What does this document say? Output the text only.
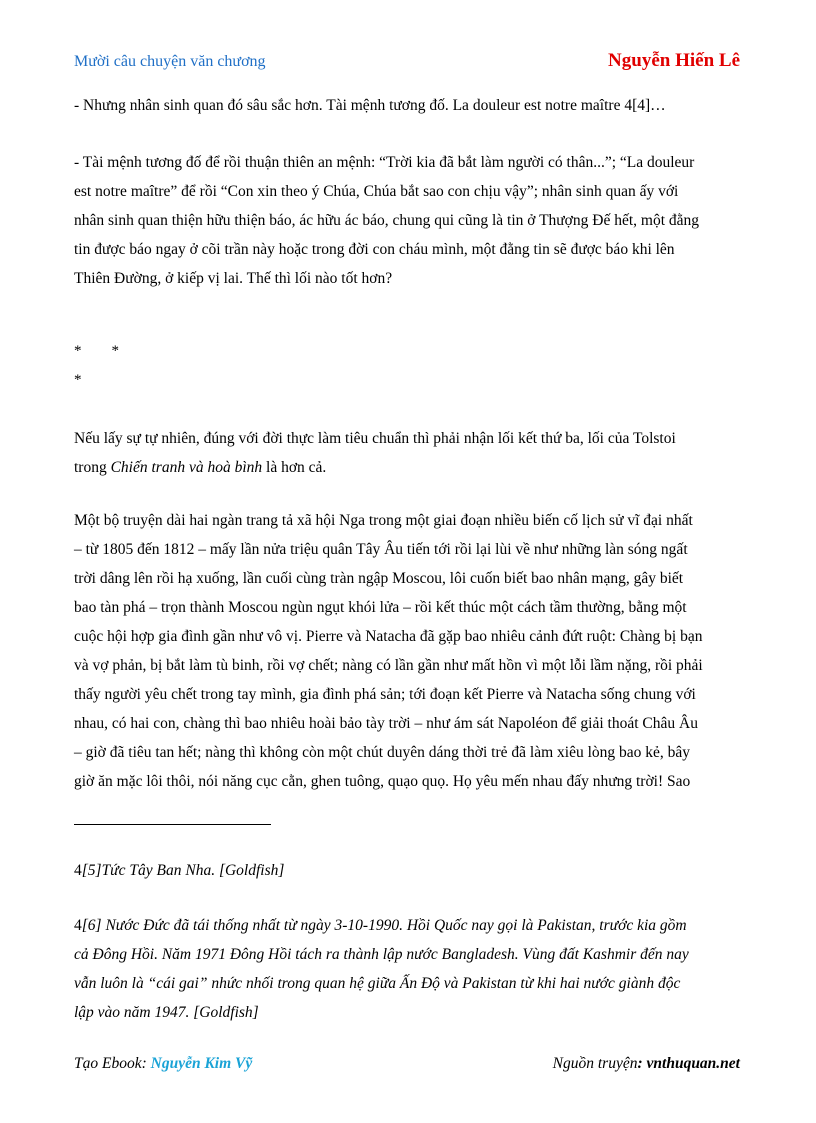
Mười câu chuyện văn chương	Nguyễn Hiến Lê

- Nhưng nhân sinh quan đó sâu sắc hơn. Tài mệnh tương đố. La douleur est notre maître 4[4]…

- Tài mệnh tương đố để rồi thuận thiên an mệnh: “Trời kia đã bắt làm người có thân...”; “La douleur
est notre maître” để rồi “Con xin theo ý Chúa, Chúa bắt sao con chịu vậy”; nhân sinh quan ấy với
nhân sinh quan thiện hữu thiện báo, ác hữu ác báo, chung qui cũng là tin ở Thượng Đế hết, một đằng
tin được báo ngay ở cõi trần này hoặc trong đời con cháu mình, một đằng tin sẽ được báo khi lên
Thiên Đường, ở kiếp vị lai. Thế thì lối nào tốt hơn?

*        *
*

Nếu lấy sự tự nhiên, đúng với đời thực làm tiêu chuẩn thì phải nhận lối kết thứ ba, lối của Tolstoi
trong Chiến tranh và hoà bình là hơn cả.

Một bộ truyện dài hai ngàn trang tả xã hội Nga trong một giai đoạn nhiều biến cố lịch sử vĩ đại nhất
– từ 1805 đến 1812 – mấy lần nửa triệu quân Tây Âu tiến tới rồi lại lùi về như những làn sóng ngất
trời dâng lên rồi hạ xuống, lần cuối cùng tràn ngập Moscou, lôi cuốn biết bao nhân mạng, gây biết
bao tàn phá – trọn thành Moscou ngùn ngụt khói lửa – rồi kết thúc một cách tầm thường, bằng một
cuộc hội hợp gia đình gần như vô vị. Pierre và Natacha đã gặp bao nhiêu cảnh đứt ruột: Chàng bị bạn
và vợ phản, bị bắt làm tù binh, rồi vợ chết; nàng có lần gần như mất hồn vì một lỗi lầm nặng, rồi phải
thấy người yêu chết trong tay mình, gia đình phá sản; tới đoạn kết Pierre và Natacha sống chung với
nhau, có hai con, chàng thì bao nhiêu hoài bảo tày trời – như ám sát Napoléon để giải thoát Châu Âu
– giờ đã tiêu tan hết; nàng thì không còn một chút duyên dáng thời trẻ đã làm xiêu lòng bao kẻ, bây
giờ ăn mặc lôi thôi, nói năng cục cằn, ghen tuông, quạo quọ. Họ yêu mến nhau đấy nhưng trời! Sao

4[5]Tức Tây Ban Nha. [Goldfish]

4[6] Nước Đức đã tái thống nhất từ ngày 3-10-1990. Hồi Quốc nay gọi là Pakistan, trước kia gồm
cả Đông Hồi. Năm 1971 Đông Hồi tách ra thành lập nước Bangladesh. Vùng đất Kashmir đến nay
vẫn luôn là “cái gai” nhức nhối trong quan hệ giữa Ấn Độ và Pakistan từ khi hai nước giành độc
lập vào năm 1947. [Goldfish]

Tạo Ebook: Nguyễn Kim Vỹ	Nguồn truyện: vnthuquan.net
